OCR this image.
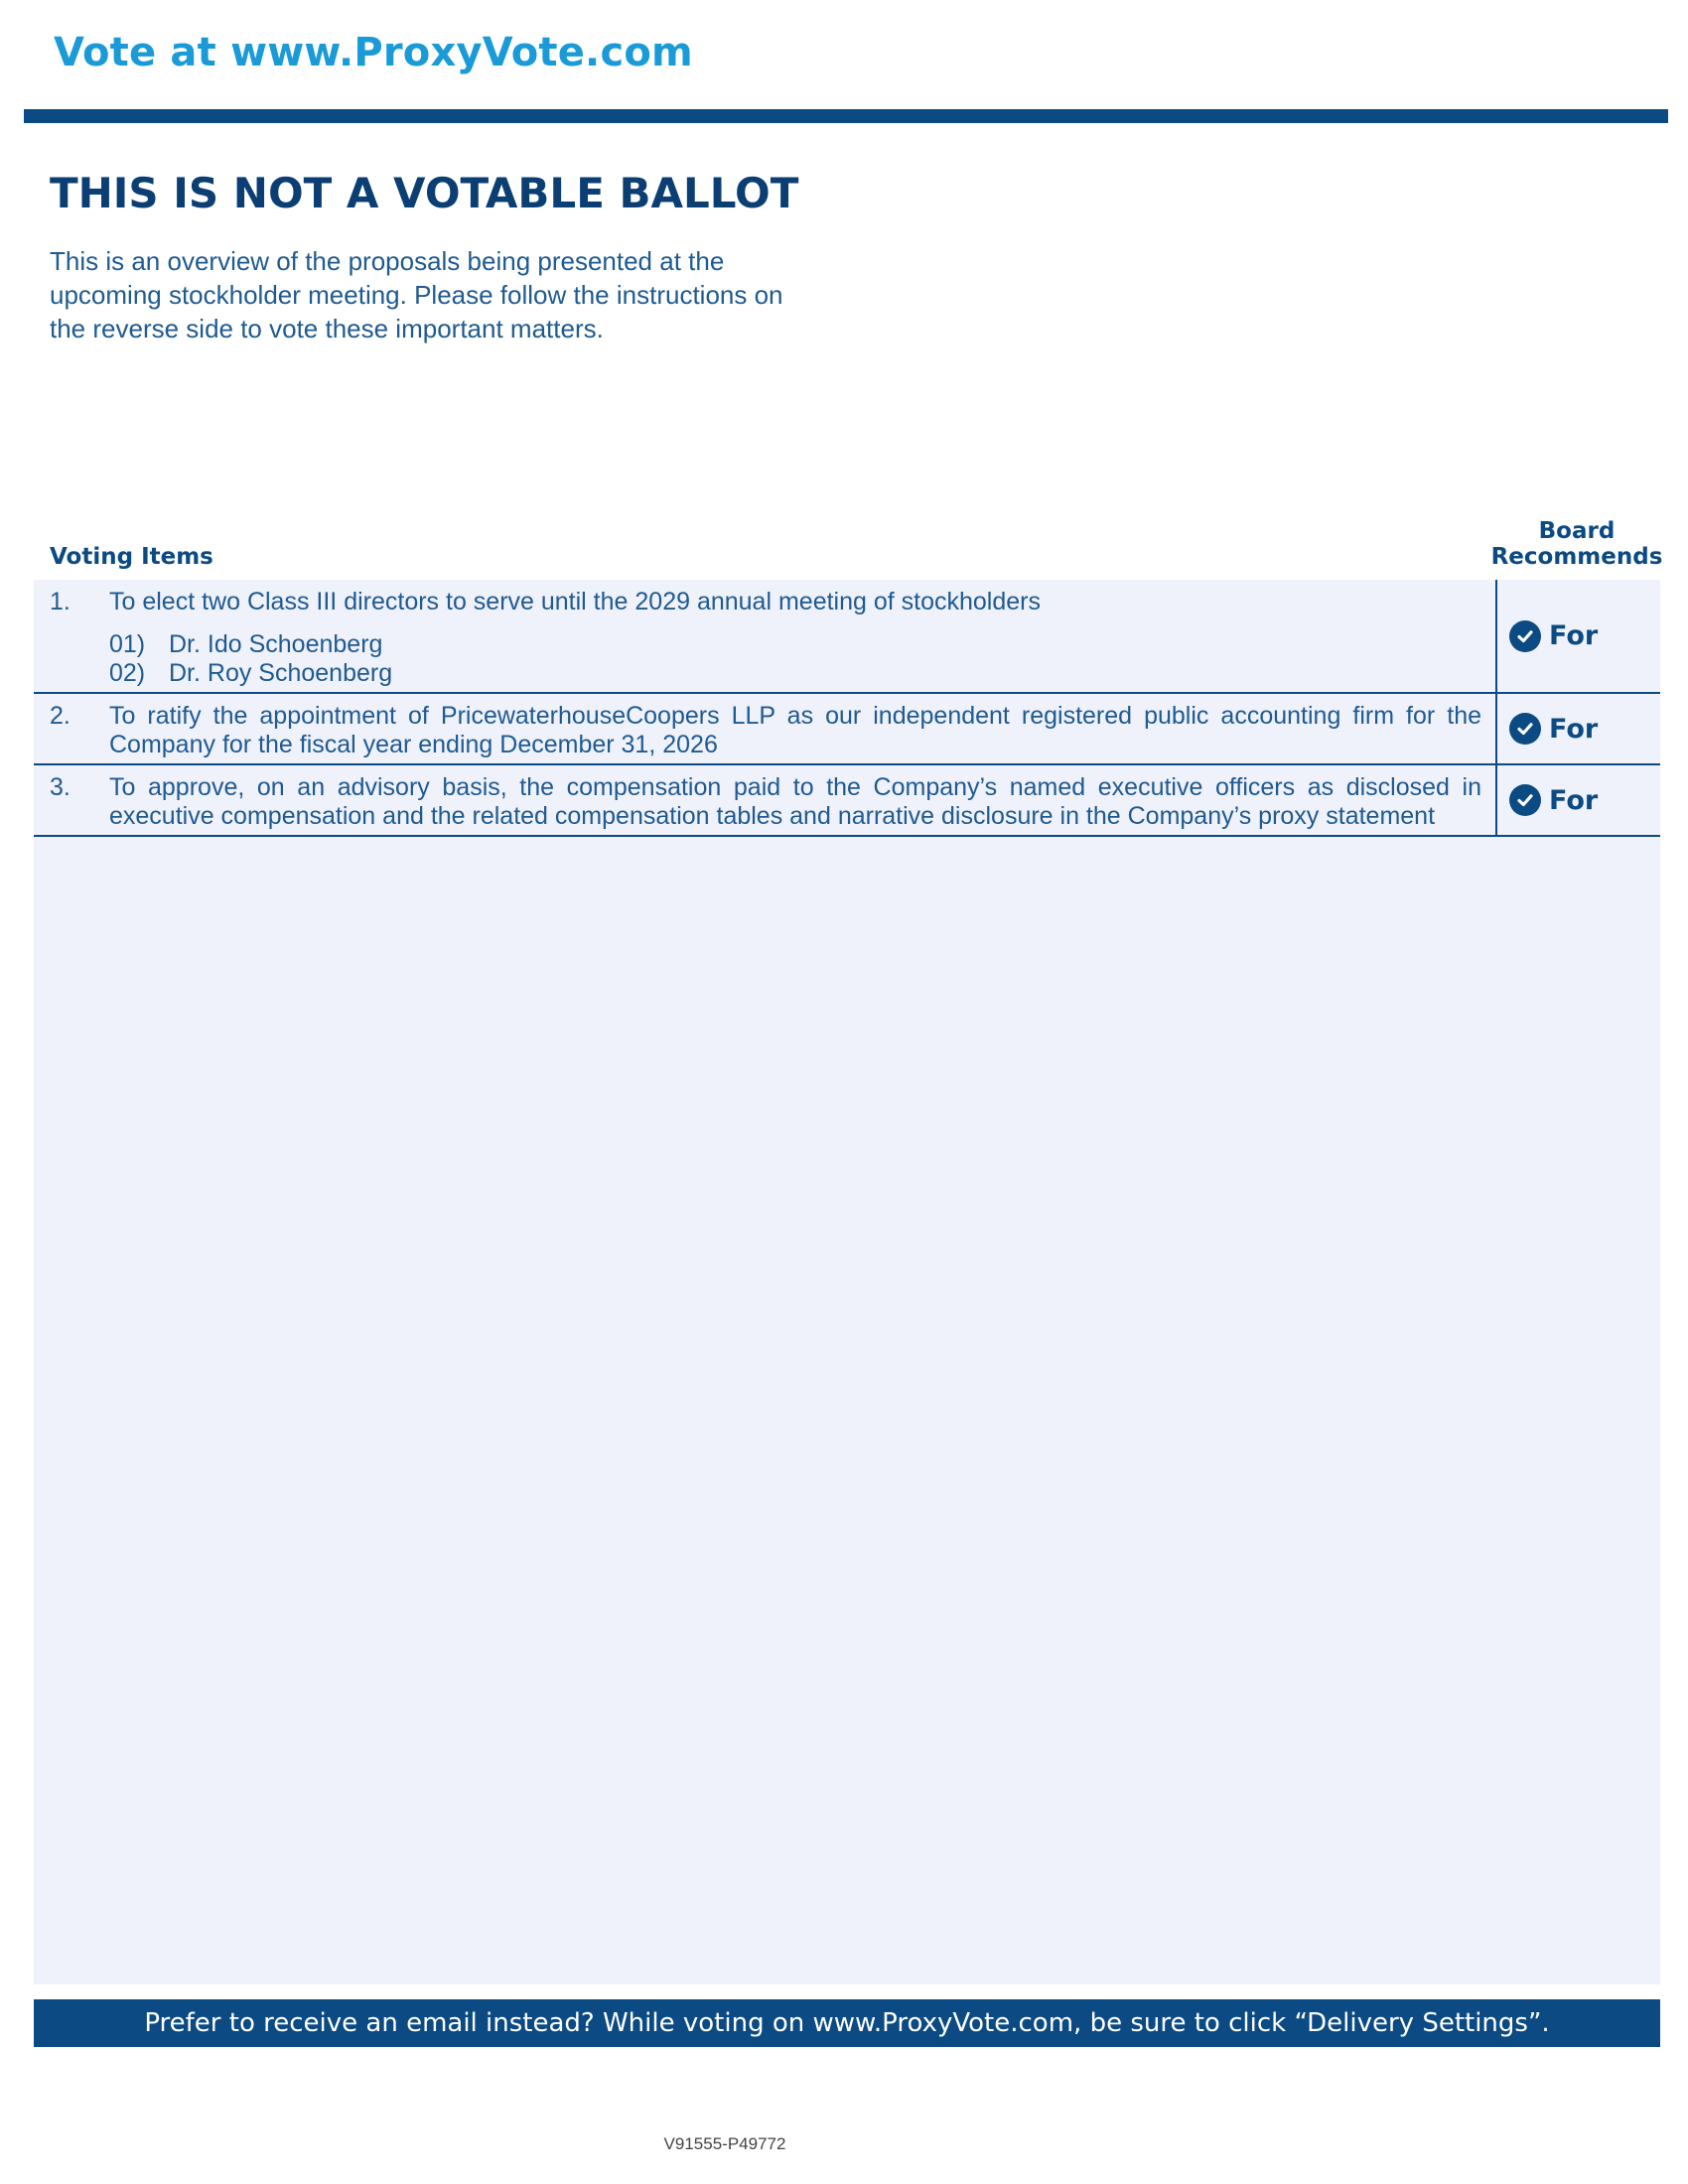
Vote at www.ProxyVote.com
THIS IS NOT A VOTABLE BALLOT
This is an overview of the proposals being presented at the
upcoming stockholder meeting. Please follow the instructions on
the reverse side to vote these important matters.
Voting Items
Board
Recommends
1.	To elect two Class III directors to serve until the 2029 annual meeting of stockholders
01) Dr. Ido Schoenberg
02) Dr. Roy Schoenberg
For
2.	To ratify the appointment of PricewaterhouseCoopers LLP as our independent registered public accounting firm for the Company for the fiscal year ending December 31, 2026
For
3.	To approve, on an advisory basis, the compensation paid to the Company’s named executive officers as disclosed in executive compensation and the related compensation tables and narrative disclosure in the Company’s proxy statement
For
Prefer to receive an email instead? While voting on www.ProxyVote.com, be sure to click “Delivery Settings”.
V91555-P49772
